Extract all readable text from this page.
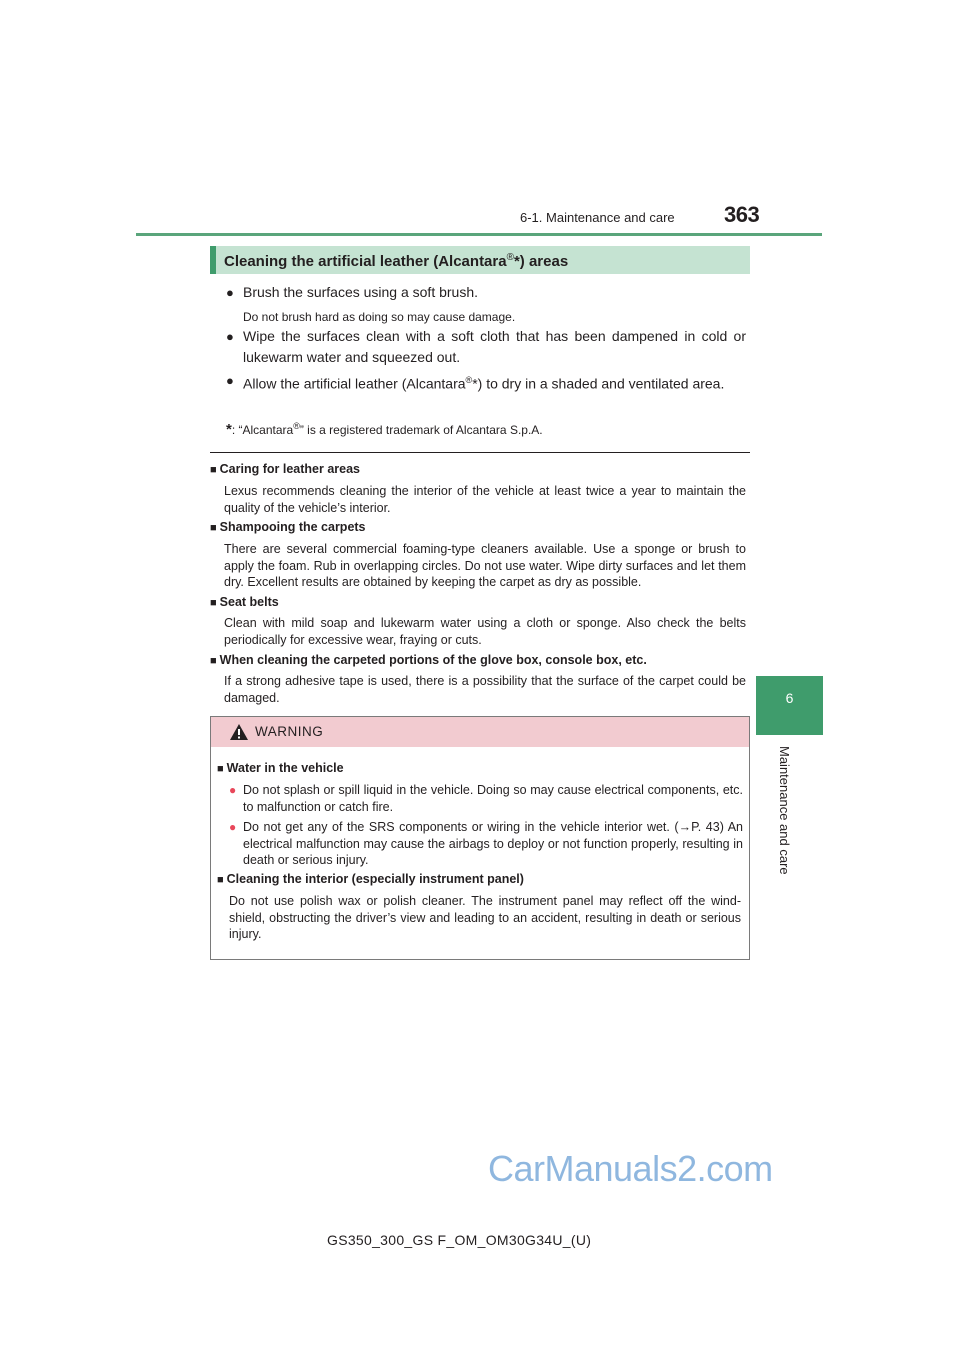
6-1. Maintenance and care 363
6
Maintenance and care
Cleaning the artificial leather (Alcantara®*) areas
● Brush the surfaces using a soft brush.
Do not brush hard as doing so may cause damage.
● Wipe the surfaces clean with a soft cloth that has been dampened in cold or lukewarm water and squeezed out.
● Allow the artificial leather (Alcantara®*) to dry in a shaded and ventilated area.
*: “Alcantara®” is a registered trademark of Alcantara S.p.A.
■ Caring for leather areas
Lexus recommends cleaning the interior of the vehicle at least twice a year to maintain the quality of the vehicle’s interior.
■ Shampooing the carpets
There are several commercial foaming-type cleaners available. Use a sponge or brush to apply the foam. Rub in overlapping circles. Do not use water. Wipe dirty surfaces and let them dry. Excellent results are obtained by keeping the carpet as dry as possible.
■ Seat belts
Clean with mild soap and lukewarm water using a cloth or sponge. Also check the belts periodically for excessive wear, fraying or cuts.
■ When cleaning the carpeted portions of the glove box, console box, etc.
If a strong adhesive tape is used, there is a possibility that the surface of the carpet could be damaged.
WARNING
■ Water in the vehicle
● Do not splash or spill liquid in the vehicle. Doing so may cause electrical components, etc. to malfunction or catch fire.
● Do not get any of the SRS components or wiring in the vehicle interior wet. (→P. 43) An electrical malfunction may cause the airbags to deploy or not function properly, resulting in death or serious injury.
■ Cleaning the interior (especially instrument panel)
Do not use polish wax or polish cleaner. The instrument panel may reflect off the wind-shield, obstructing the driver’s view and leading to an accident, resulting in death or serious injury.
CarManuals2.com
GS350_300_GS F_OM_OM30G34U_(U)
